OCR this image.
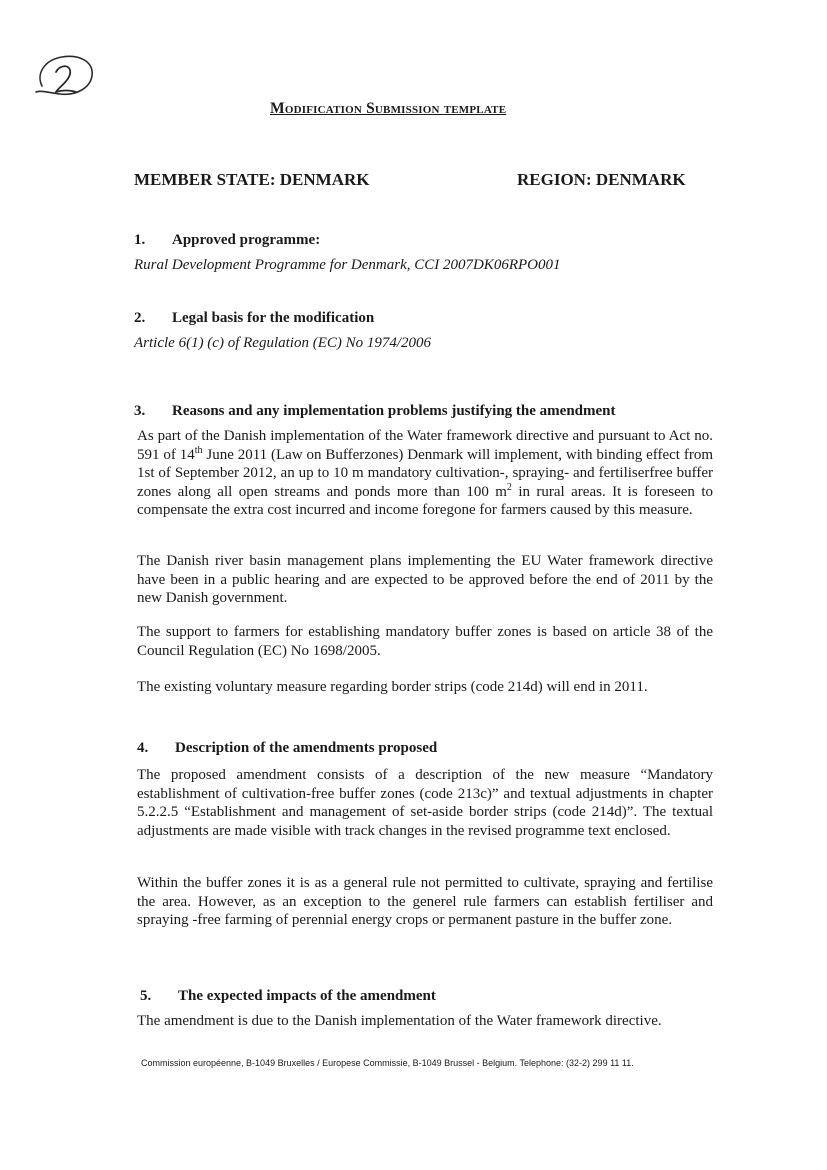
Modification Submission template
MEMBER STATE: DENMARK	REGION: DENMARK
1. Approved programme:
Rural Development Programme for Denmark, CCI 2007DK06RPO001
2. Legal basis for the modification
Article 6(1) (c) of Regulation (EC) No 1974/2006
3. Reasons and any implementation problems justifying the amendment
As part of the Danish implementation of the Water framework directive and pursuant to Act no. 591 of 14th June 2011 (Law on Bufferzones) Denmark will implement, with binding effect from 1st of September 2012, an up to 10 m mandatory cultivation-, spraying- and fertiliserfree buffer zones along all open streams and ponds more than 100 $m^2$ in rural areas. It is foreseen to compensate the extra cost incurred and income foregone for farmers caused by this measure.
The Danish river basin management plans implementing the EU Water framework directive have been in a public hearing and are expected to be approved before the end of 2011 by the new Danish government.
The support to farmers for establishing mandatory buffer zones is based on article 38 of the Council Regulation (EC) No 1698/2005.
The existing voluntary measure regarding border strips (code 214d) will end in 2011.
4. Description of the amendments proposed
The proposed amendment consists of a description of the new measure “Mandatory establishment of cultivation-free buffer zones (code 213c)” and textual adjustments in chapter 5.2.2.5 “Establishment and management of set-aside border strips (code 214d)”. The textual adjustments are made visible with track changes in the revised programme text enclosed.
Within the buffer zones it is as a general rule not permitted to cultivate, spraying and fertilise the area. However, as an exception to the generel rule farmers can establish fertiliser and spraying -free farming of perennial energy crops or permanent pasture in the buffer zone.
5. The expected impacts of the amendment
The amendment is due to the Danish implementation of the Water framework directive.
Commission européenne, B-1049 Bruxelles / Europese Commissie, B-1049 Brussel - Belgium. Telephone: (32-2) 299 11 11.
